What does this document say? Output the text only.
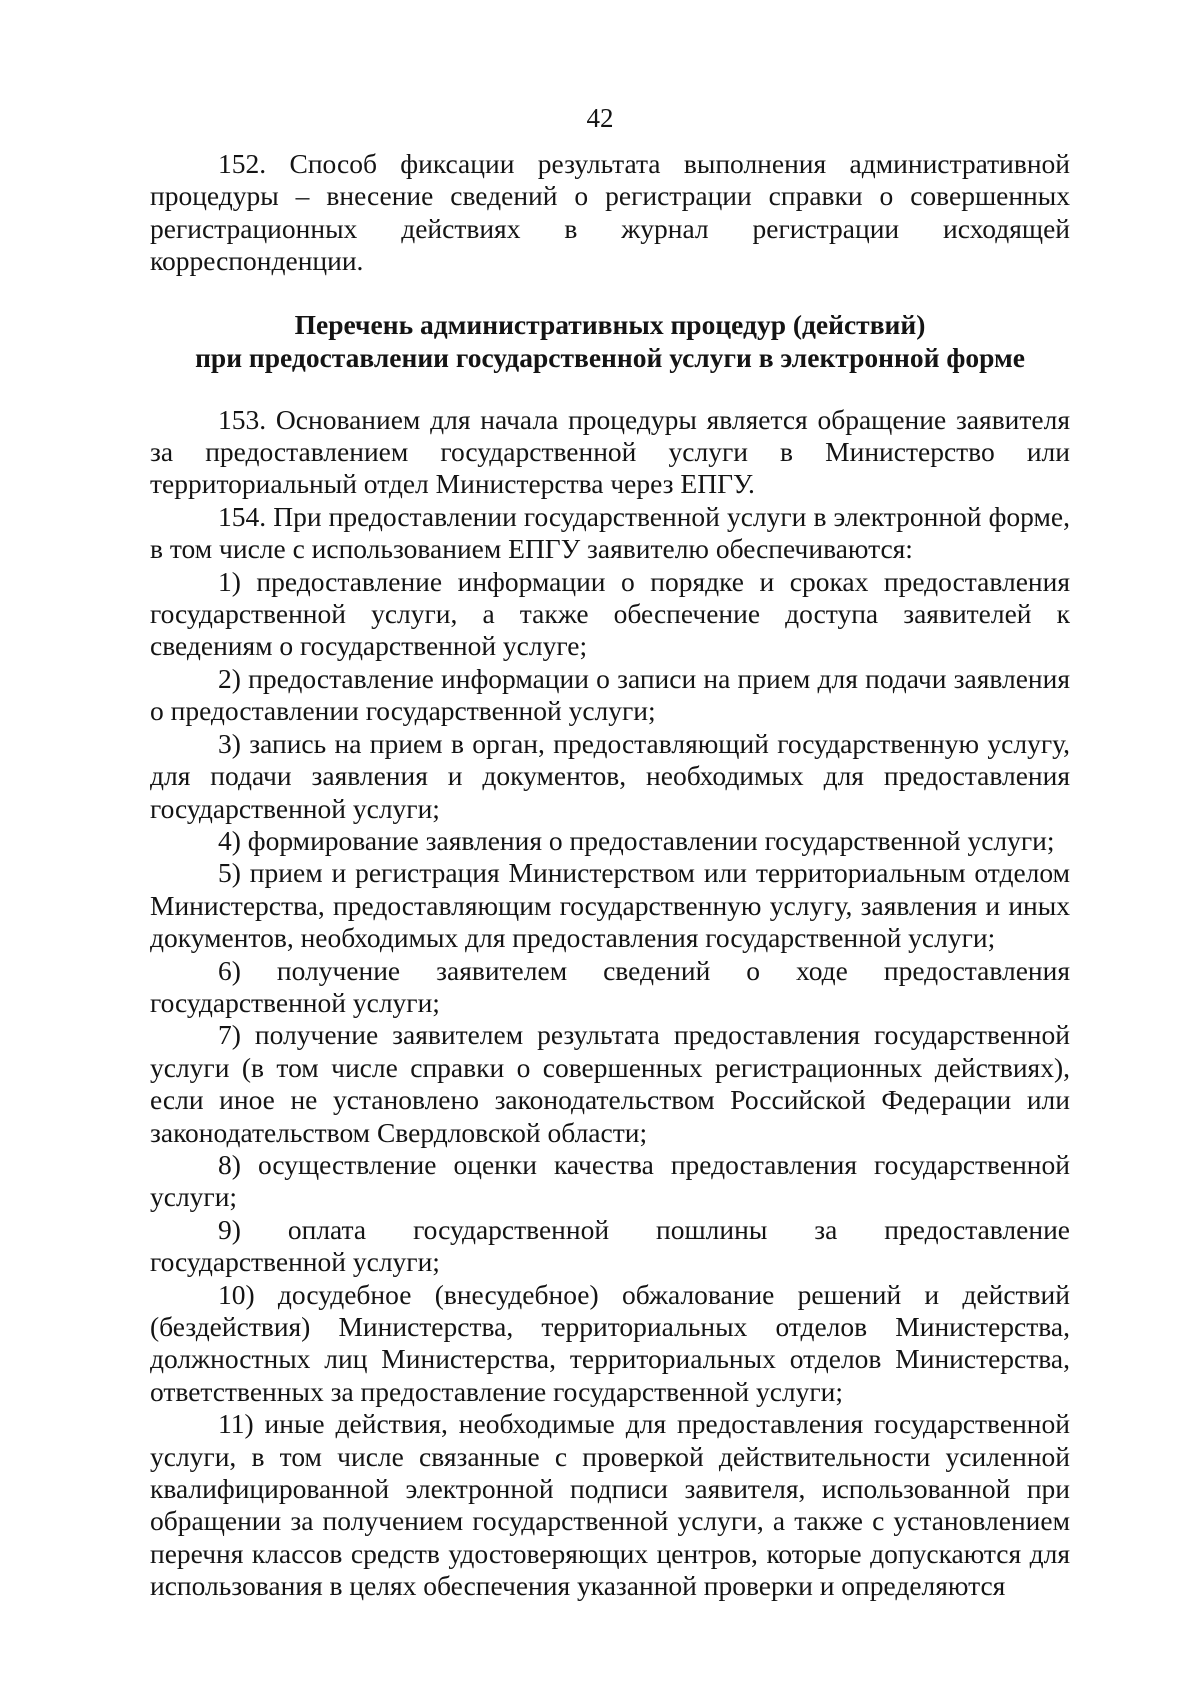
42

152. Способ фиксации результата выполнения административной процедуры – внесение сведений о регистрации справки о совершенных регистрационных действиях в журнал регистрации исходящей корреспонденции.

Перечень административных процедур (действий)
при предоставлении государственной услуги в электронной форме

153. Основанием для начала процедуры является обращение заявителя за предоставлением государственной услуги в Министерство или территориальный отдел Министерства через ЕПГУ.

154. При предоставлении государственной услуги в электронной форме, в том числе с использованием ЕПГУ заявителю обеспечиваются:

1) предоставление информации о порядке и сроках предоставления государственной услуги, а также обеспечение доступа заявителей к сведениям о государственной услуге;

2) предоставление информации о записи на прием для подачи заявления о предоставлении государственной услуги;

3) запись на прием в орган, предоставляющий государственную услугу, для подачи заявления и документов, необходимых для предоставления государственной услуги;

4) формирование заявления о предоставлении государственной услуги;

5) прием и регистрация Министерством или территориальным отделом Министерства, предоставляющим государственную услугу, заявления и иных документов, необходимых для предоставления государственной услуги;

6) получение заявителем сведений о ходе предоставления государственной услуги;

7) получение заявителем результата предоставления государственной услуги (в том числе справки о совершенных регистрационных действиях), если иное не установлено законодательством Российской Федерации или законодательством Свердловской области;

8) осуществление оценки качества предоставления государственной услуги;

9) оплата государственной пошлины за предоставление государственной услуги;

10) досудебное (внесудебное) обжалование решений и действий (бездействия) Министерства, территориальных отделов Министерства, должностных лиц Министерства, территориальных отделов Министерства, ответственных за предоставление государственной услуги;

11) иные действия, необходимые для предоставления государственной услуги, в том числе связанные с проверкой действительности усиленной квалифицированной электронной подписи заявителя, использованной при обращении за получением государственной услуги, а также с установлением перечня классов средств удостоверяющих центров, которые допускаются для использования в целях обеспечения указанной проверки и определяются
